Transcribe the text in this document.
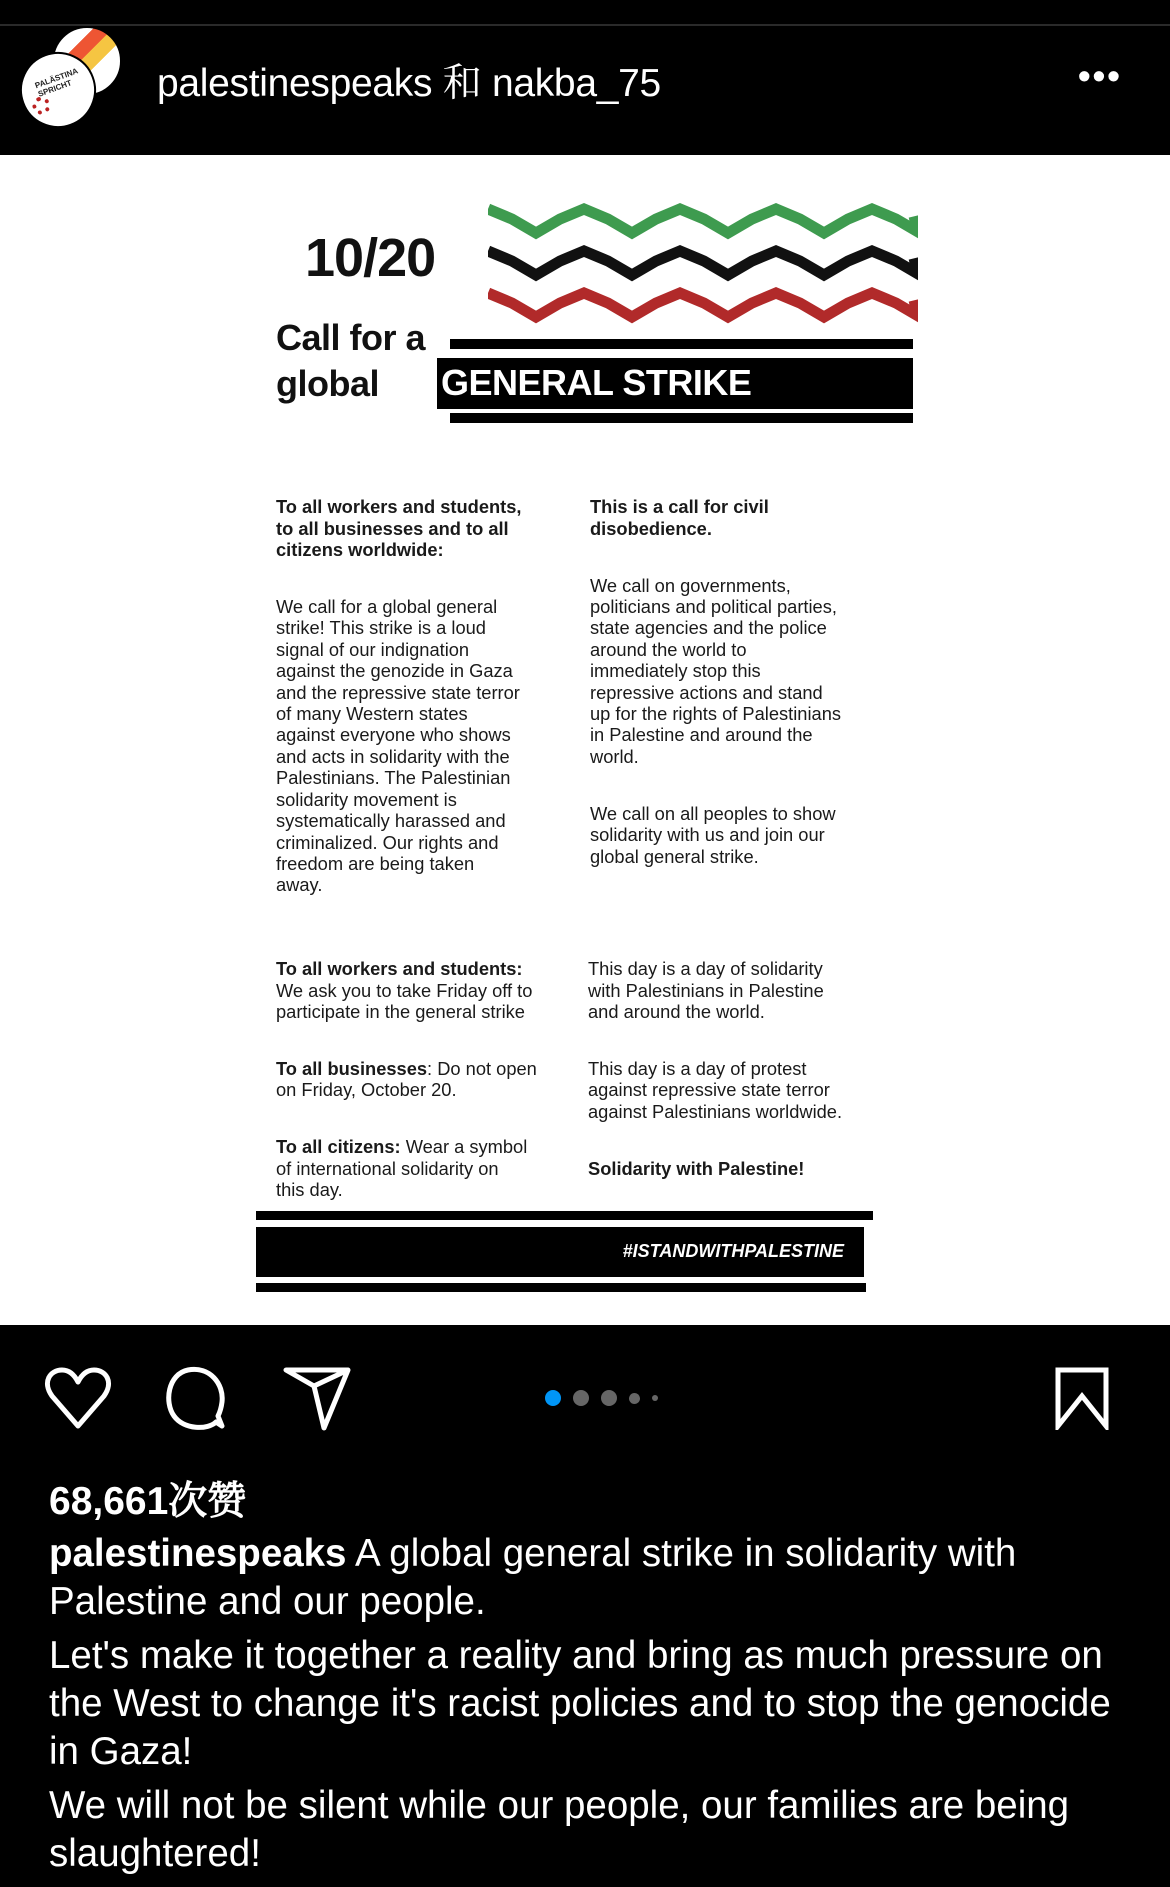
PALÄSTINA SPRICHT	palestinespeaks 和 nakba_75	•••
10/20
Call for a
global	GENERAL STRIKE

To all workers and students,
to all businesses and to all
citizens worldwide:

We call for a global general
strike! This strike is a loud
signal of our indignation
against the genozide in Gaza
and the repressive state terror
of many Western states
against everyone who shows
and acts in solidarity with the
Palestinians. The Palestinian
solidarity movement is
systematically harassed and
criminalized. Our rights and
freedom are being taken
away.

This is a call for civil
disobedience.

We call on governments,
politicians and political parties,
state agencies and the police
around the world to
immediately stop this
repressive actions and stand
up for the rights of Palestinians
in Palestine and around the
world.

We call on all peoples to show
solidarity with us and join our
global general strike.

To all workers and students:
We ask you to take Friday off to
participate in the general strike

To all businesses: Do not open
on Friday, October 20.

To all citizens: Wear a symbol
of international solidarity on
this day.

This day is a day of solidarity
with Palestinians in Palestine
and around the world.

This day is a day of protest
against repressive state terror
against Palestinians worldwide.

Solidarity with Palestine!

#ISTANDWITHPALESTINE
68,661次赞

palestinespeaks A global general strike in solidarity with Palestine and our people.

Let's make it together a reality and bring as much pressure on the West to change it's racist policies and to stop the genocide in Gaza!

We will not be silent while our people, our families are being slaughtered!
